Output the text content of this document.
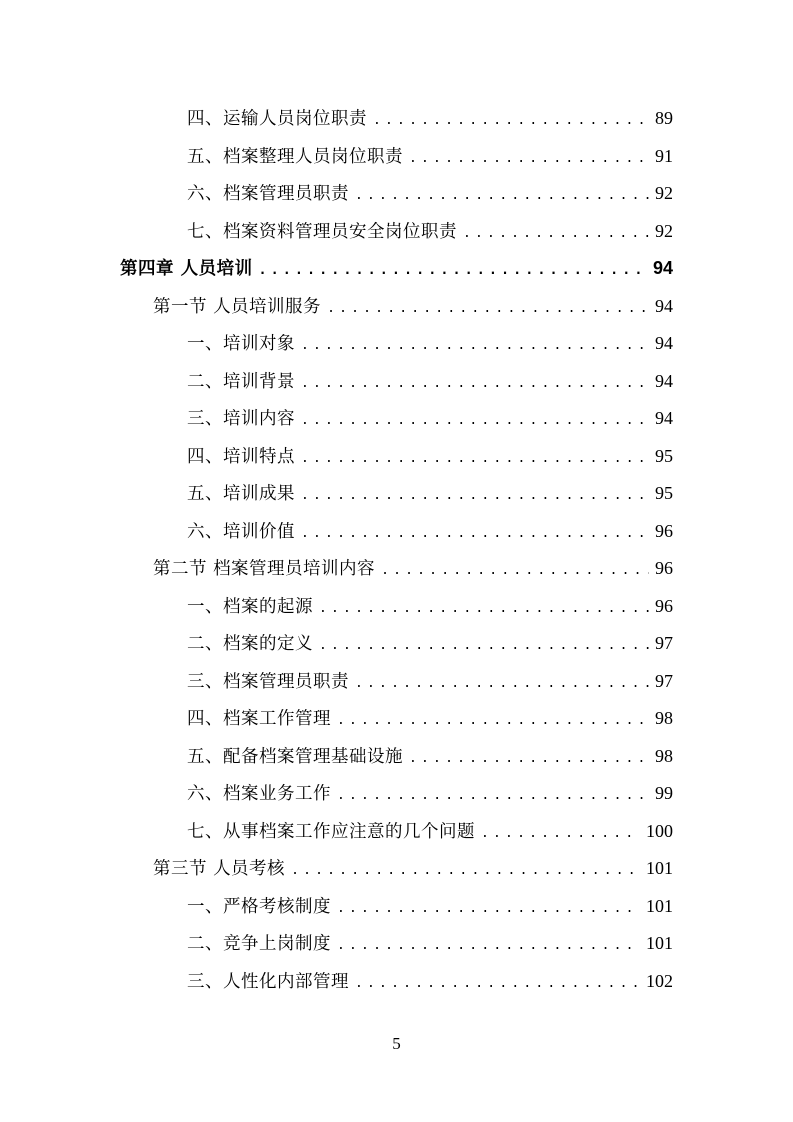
四、运输人员岗位职责 .....	89
五、档案整理人员岗位职责 .....	91
六、档案管理员职责 .....	92
七、档案资料管理员安全岗位职责 .....	92
第四章 人员培训 .....	94
第一节 人员培训服务 .....	94
一、培训对象 .....	94
二、培训背景 .....	94
三、培训内容 .....	94
四、培训特点 .....	95
五、培训成果 .....	95
六、培训价值 .....	96
第二节 档案管理员培训内容 .....	96
一、档案的起源 .....	96
二、档案的定义 .....	97
三、档案管理员职责 .....	97
四、档案工作管理 .....	98
五、配备档案管理基础设施 .....	98
六、档案业务工作 .....	99
七、从事档案工作应注意的几个问题 .....	100
第三节 人员考核 .....	101
一、严格考核制度 .....	101
二、竞争上岗制度 .....	101
三、人性化内部管理 .....	102
5
